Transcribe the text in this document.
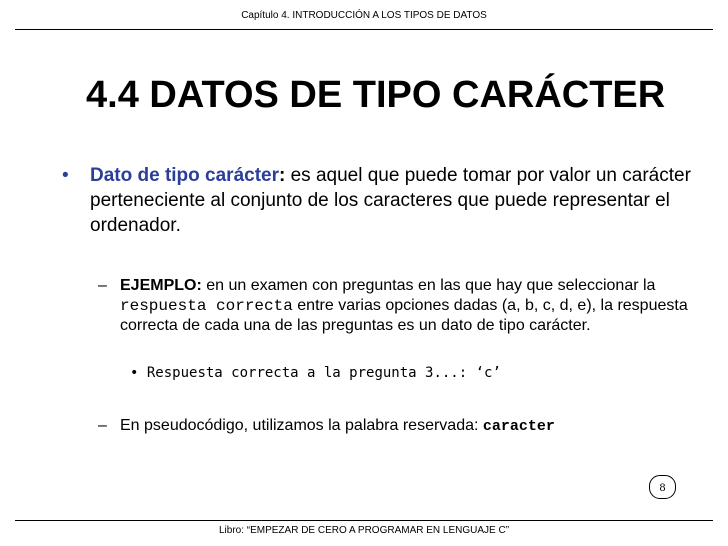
Capítulo 4. INTRODUCCIÓN A LOS TIPOS DE DATOS
4.4 DATOS DE TIPO CARÁCTER
• Dato de tipo carácter: es aquel que puede tomar por valor un carácter perteneciente al conjunto de los caracteres que puede representar el ordenador.
– EJEMPLO: en un examen con preguntas en las que hay que seleccionar la respuesta correcta entre varias opciones dadas (a, b, c, d, e), la respuesta correcta de cada una de las preguntas es un dato de tipo carácter.
• Respuesta correcta a la pregunta 3...: ‘c’
– En pseudocódigo, utilizamos la palabra reservada: caracter
8
Libro: “EMPEZAR DE CERO A PROGRAMAR EN LENGUAJE C”
